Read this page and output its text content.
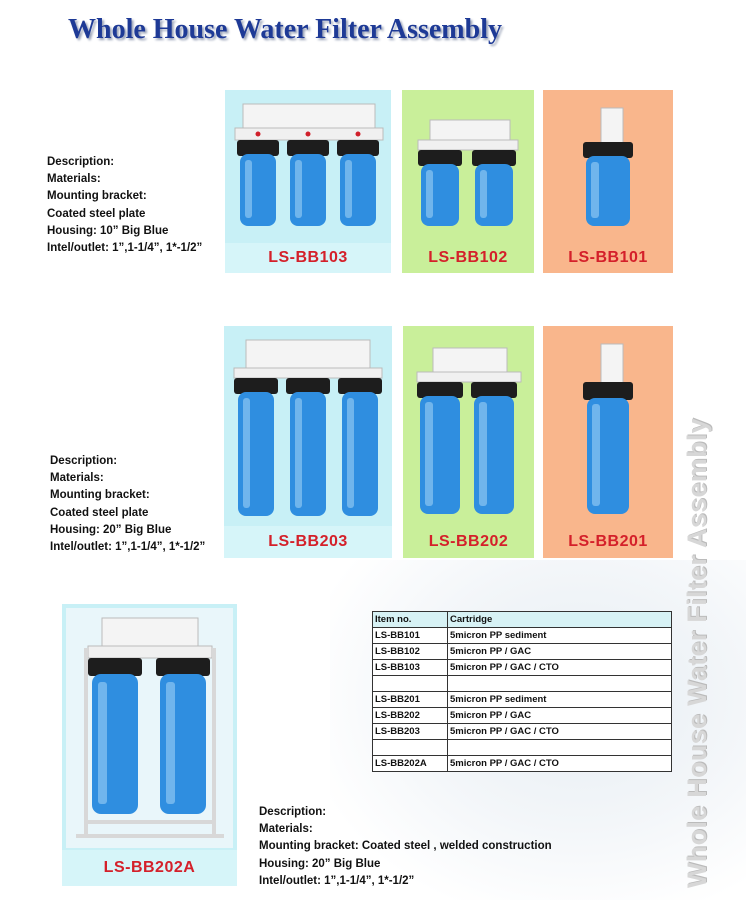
Whole House Water Filter Assembly
Description:
Materials:
Mounting bracket:
Coated steel plate
Housing: 10” Big Blue
Intel/outlet: 1”,1-1/4”, 1*-1/2”
LS-BB103	LS-BB102	LS-BB101
Description:
Materials:
Mounting bracket:
Coated steel plate
Housing: 20” Big Blue
Intel/outlet: 1”,1-1/4”, 1*-1/2”	LS-BB203	LS-BB202	LS-BB201
LS-BB202A
Description:
Materials:
Mounting bracket: Coated steel , welded construction
Housing: 20” Big Blue
Intel/outlet: 1”,1-1/4”, 1*-1/2”
Item no.	Cartridge
LS-BB101	5micron PP sediment
LS-BB102	5micron PP / GAC
LS-BB103	5micron PP / GAC / CTO

LS-BB201	5micron PP sediment
LS-BB202	5micron PP / GAC
LS-BB203	5micron PP / GAC / CTO

LS-BB202A	5micron PP / GAC / CTO	Whole House Water Filter Assembly
